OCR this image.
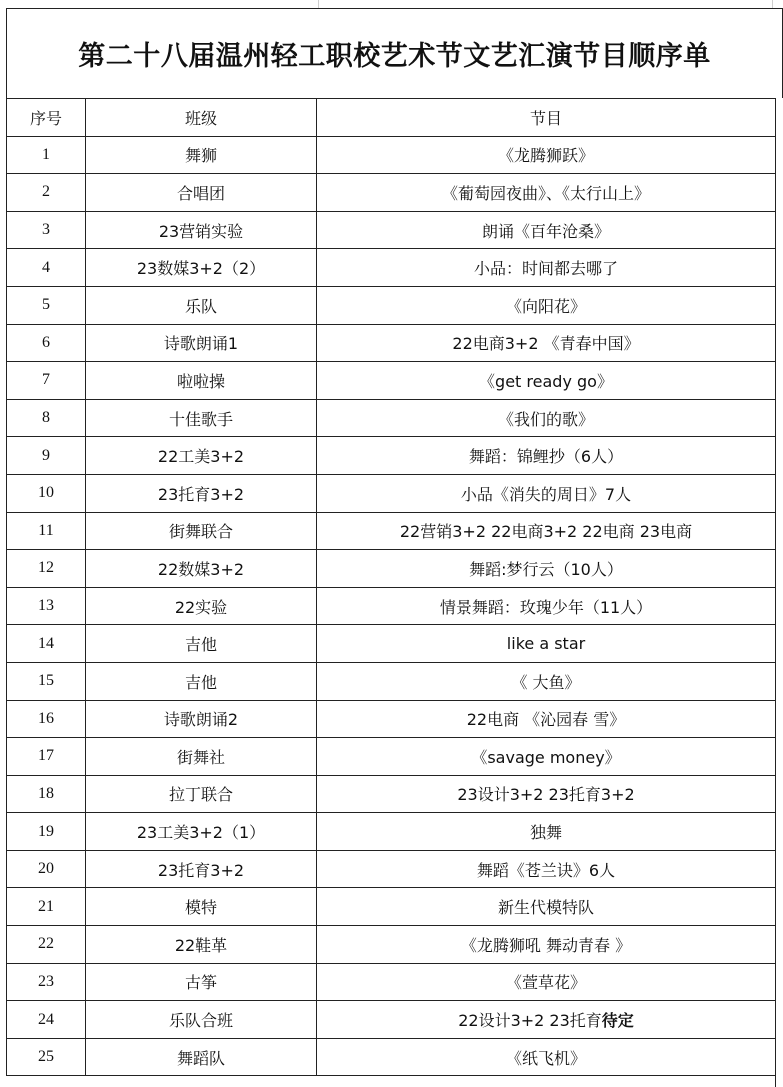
第二十八届温州轻工职校艺术节文艺汇演节目顺序单
序号	班级	节目
1	舞狮	《龙腾狮跃》
2	合唱团	《葡萄园夜曲》、《太行山上》
3	23营销实验	朗诵《百年沧桑》
4	23数媒3+2（2）	小品：时间都去哪了
5	乐队	《向阳花》
6	诗歌朗诵1	22电商3+2 《青春中国》
7	啦啦操	《get ready go》
8	十佳歌手	《我们的歌》
9	22工美3+2	舞蹈：锦鲤抄（6人）
10	23托育3+2	小品《消失的周日》7人
11	街舞联合	22营销3+2 22电商3+2 22电商 23电商
12	22数媒3+2	舞蹈:梦行云（10人）
13	22实验	情景舞蹈：玫瑰少年（11人）
14	吉他	like a star
15	吉他	《 大鱼》
16	诗歌朗诵2	22电商 《沁园春 雪》
17	街舞社	《savage money》
18	拉丁联合	23设计3+2 23托育3+2
19	23工美3+2（1）	独舞
20	23托育3+2	舞蹈《苍兰诀》6人
21	模特	新生代模特队
22	22鞋革	《龙腾狮吼 舞动青春 》
23	古筝	《萱草花》
24	乐队合班	22设计3+2 23托育待定
25	舞蹈队	《纸飞机》
